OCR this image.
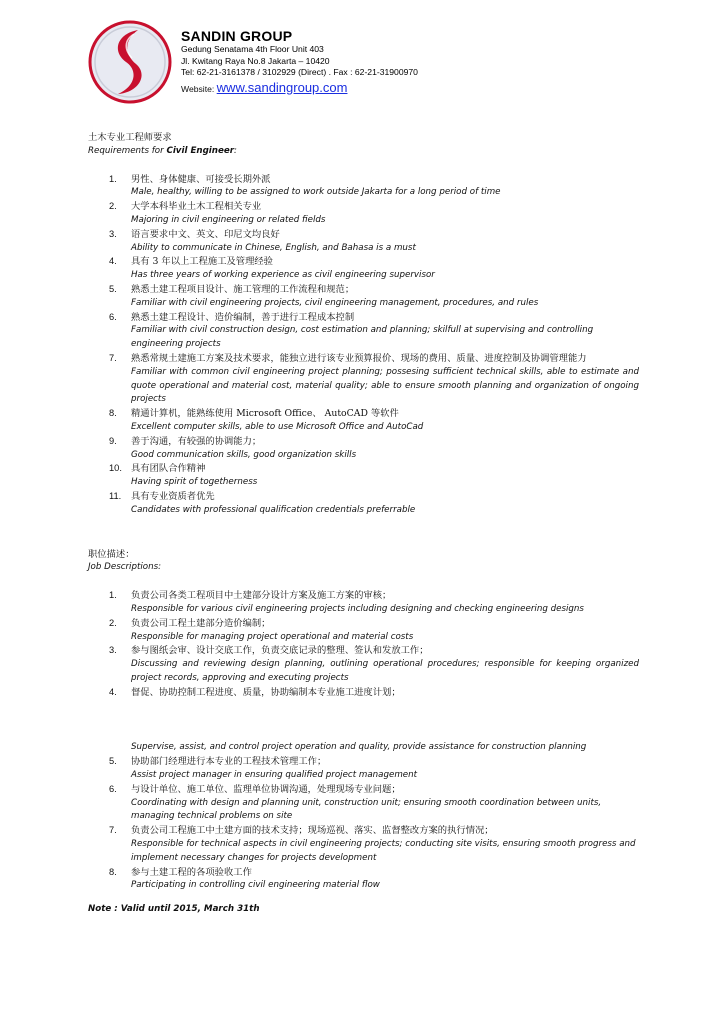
SANDIN GROUP
Gedung Senatama 4th Floor Unit 403
Jl. Kwitang Raya No.8 Jakarta – 10420
Tel: 62-21-3161378 / 3102929 (Direct) . Fax : 62-21-31900970
Website: www.sandingroup.com
土木专业工程师要求
Requirements for Civil Engineer:
1. 男性、身体健康、可接受长期外派
Male, healthy, willing to be assigned to work outside Jakarta for a long period of time
2. 大学本科毕业土木工程相关专业
Majoring in civil engineering or related fields
3. 语言要求中文、英文、印尼文均良好
Ability to communicate in Chinese, English, and Bahasa is a must
4. 具有 3 年以上工程施工及管理经验
Has three years of working experience as civil engineering supervisor
5. 熟悉土建工程项目设计、施工管理的工作流程和规范；
Familiar with civil engineering projects, civil engineering management, procedures, and rules
6. 熟悉土建工程设计、造价编制，善于进行工程成本控制
Familiar with civil construction design, cost estimation and planning; skilfull at supervising and controlling engineering projects
7. 熟悉常规土建施工方案及技术要求，能独立进行该专业预算报价、现场的费用、质量、进度控制及协调管理能力
Familiar with common civil engineering project planning; possesing sufficient technical skills, able to estimate and quote operational and material cost, material quality; able to ensure smooth planning and organization of ongoing projects
8. 精通计算机，能熟练使用 Microsoft Office、 AutoCAD 等软件
Excellent computer skills, able to use Microsoft Office and AutoCad
9. 善于沟通，有较强的协调能力；
Good communication skills, good organization skills
10. 具有团队合作精神
Having spirit of togetherness
11. 具有专业资质者优先
Candidates with professional qualification credentials preferrable
职位描述：
Job Descriptions:
1. 负责公司各类工程项目中土建部分设计方案及施工方案的审核；
Responsible for various civil engineering projects including designing and checking engineering designs
2. 负责公司工程土建部分造价编制；
Responsible for managing project operational and material costs
3. 参与图纸会审、设计交底工作，负责交底记录的整理、签认和发放工作；
Discussing and reviewing design planning, outlining operational procedures; responsible for keeping organized project records, approving and executing projects
4. 督促、协助控制工程进度、质量，协助编制本专业施工进度计划；
Supervise, assist, and control project operation and quality, provide assistance for construction planning
5. 协助部门经理进行本专业的工程技术管理工作；
Assist project manager in ensuring qualified project management
6. 与设计单位、施工单位、监理单位协调沟通，处理现场专业问题；
Coordinating with design and planning unit, construction unit; ensuring smooth coordination between units, managing technical problems on site
7. 负责公司工程施工中土建方面的技术支持；现场巡视、落实、监督整改方案的执行情况；
Responsible for technical aspects in civil engineering projects; conducting site visits, ensuring smooth progress and implement necessary changes for projects development
8. 参与土建工程的各项验收工作
Participating in controlling civil engineering material flow
Note : Valid until 2015, March 31th
